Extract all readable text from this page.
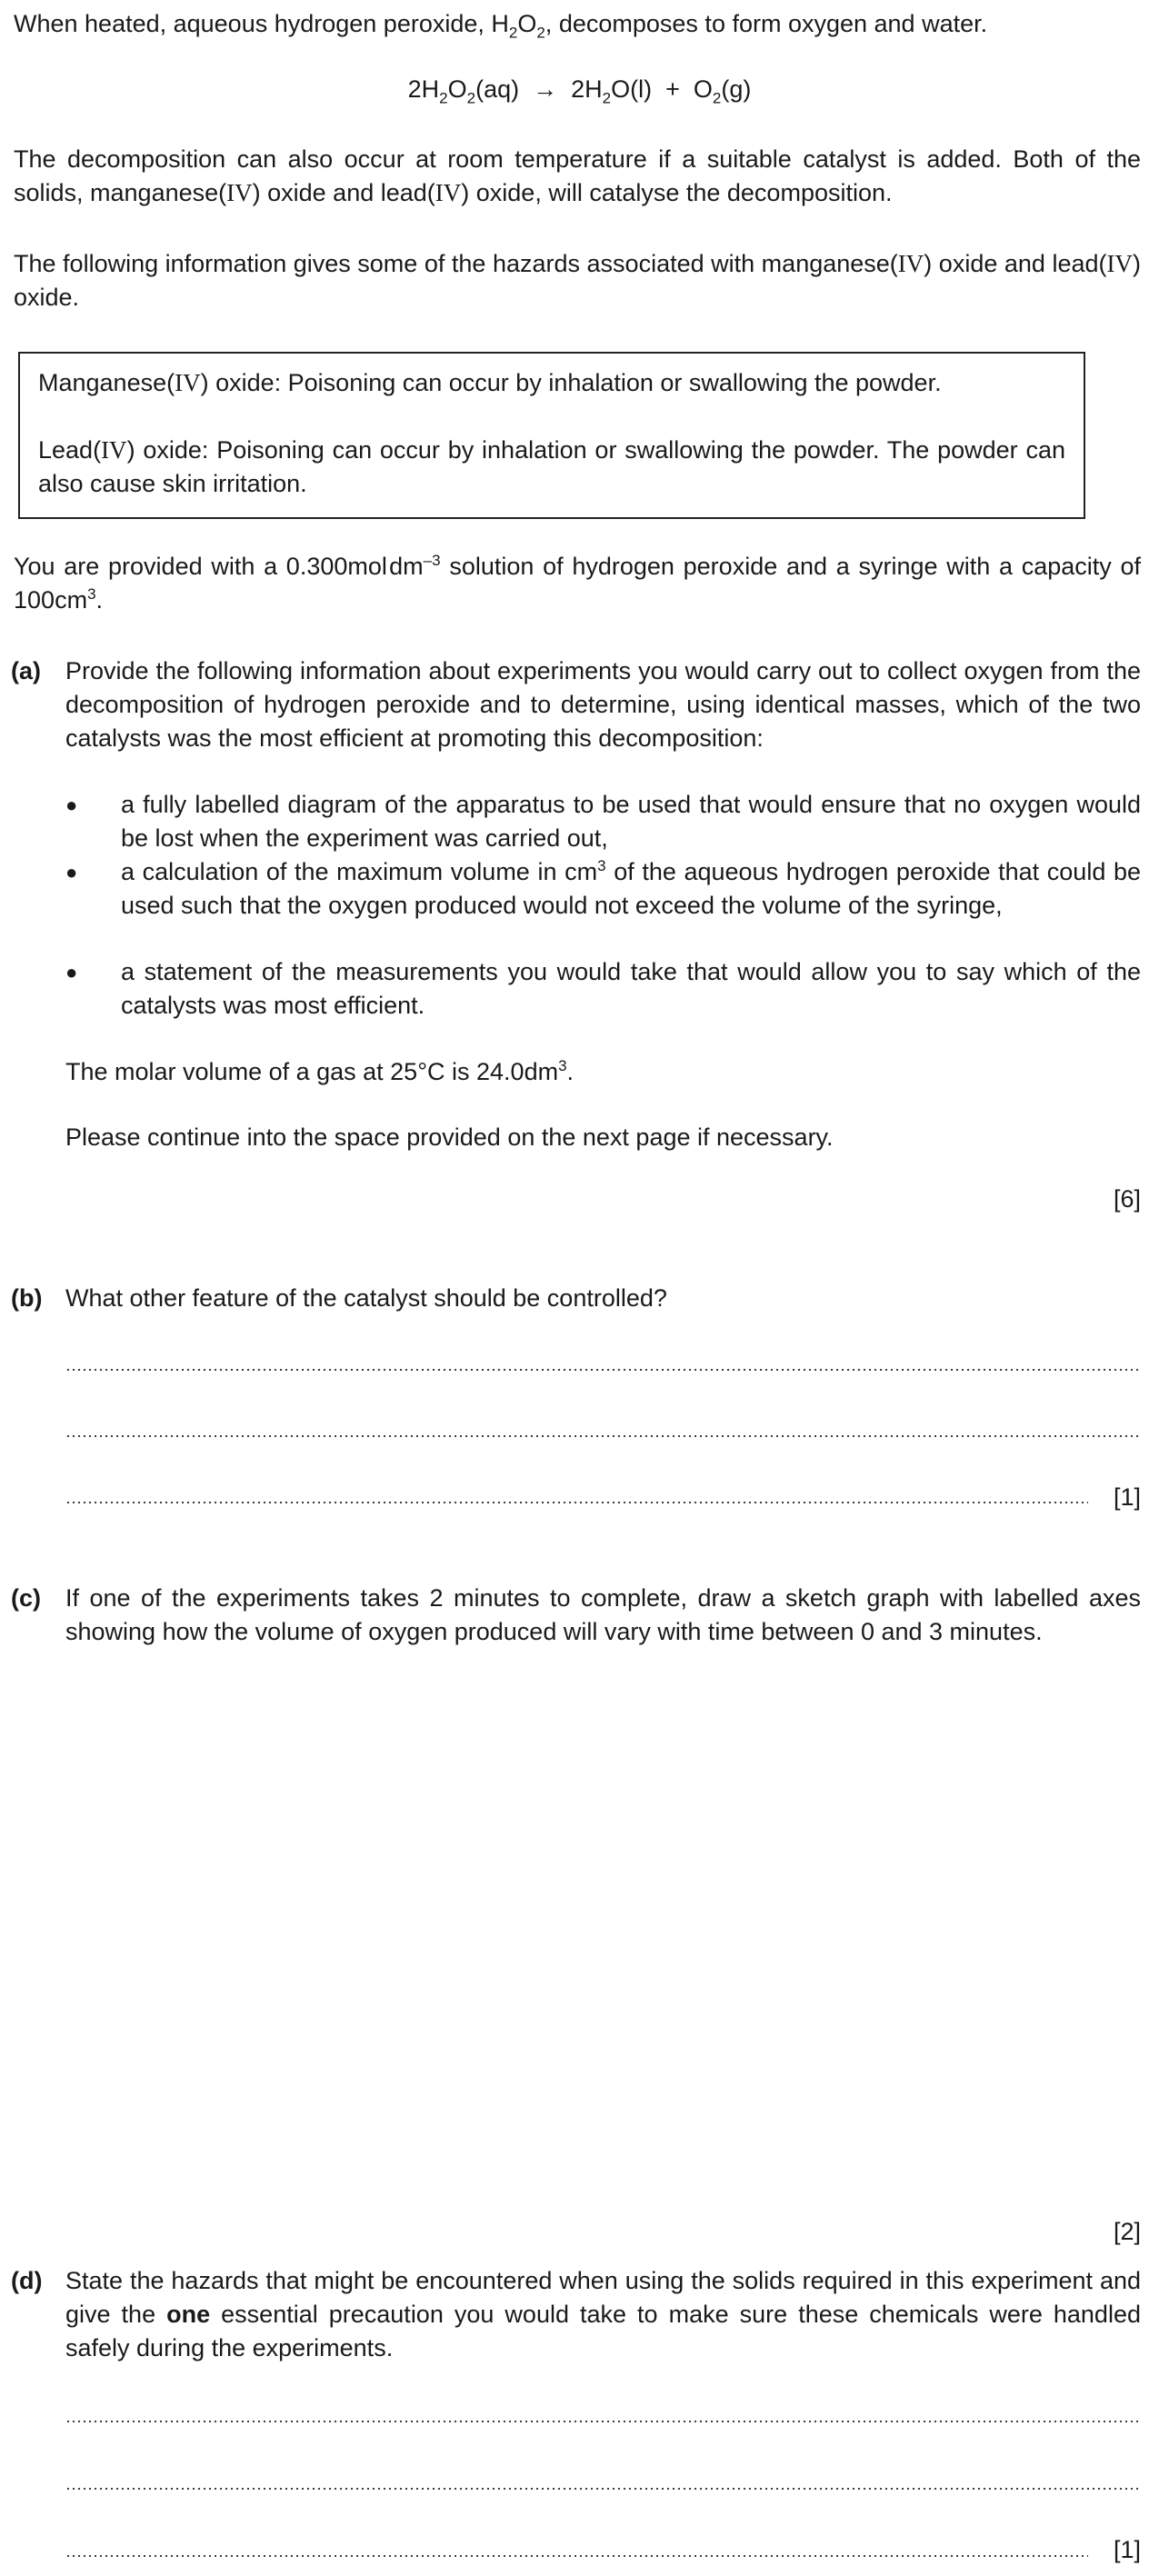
When heated, aqueous hydrogen peroxide, $H_2O_2$, decomposes to form oxygen and water.
$2H_2O_2(aq) \to 2H_2O(l) + O_2(g)$
The decomposition can also occur at room temperature if a suitable catalyst is added. Both of the solids, manganese(IV) oxide and lead(IV) oxide, will catalyse the decomposition.
The following information gives some of the hazards associated with manganese(IV) oxide and lead(IV) oxide.
Manganese(IV) oxide: Poisoning can occur by inhalation or swallowing the powder.
Lead(IV) oxide: Poisoning can occur by inhalation or swallowing the powder. The powder can also cause skin irritation.
You are provided with a 0.300mol $dm^{-3}$ solution of hydrogen peroxide and a syringe with a capacity of $100cm^3$.
(a) Provide the following information about experiments you would carry out to collect oxygen from the decomposition of hydrogen peroxide and to determine, using identical masses, which of the two catalysts was the most efficient at promoting this decomposition:
● a fully labelled diagram of the apparatus to be used that would ensure that no oxygen would be lost when the experiment was carried out,
● a calculation of the maximum volume in $cm^3$ of the aqueous hydrogen peroxide that could be used such that the oxygen produced would not exceed the volume of the syringe,
● a statement of the measurements you would take that would allow you to say which of the catalysts was most efficient.
The molar volume of a gas at 25°C is $24.0dm^3$.
Please continue into the space provided on the next page if necessary.
[6]
(b) What other feature of the catalyst should be controlled?
[1]
(c) If one of the experiments takes 2 minutes to complete, draw a sketch graph with labelled axes showing how the volume of oxygen produced will vary with time between 0 and 3 minutes.
[2]
(d) State the hazards that might be encountered when using the solids required in this experiment and give the one essential precaution you would take to make sure these chemicals were handled safely during the experiments.
[1]
